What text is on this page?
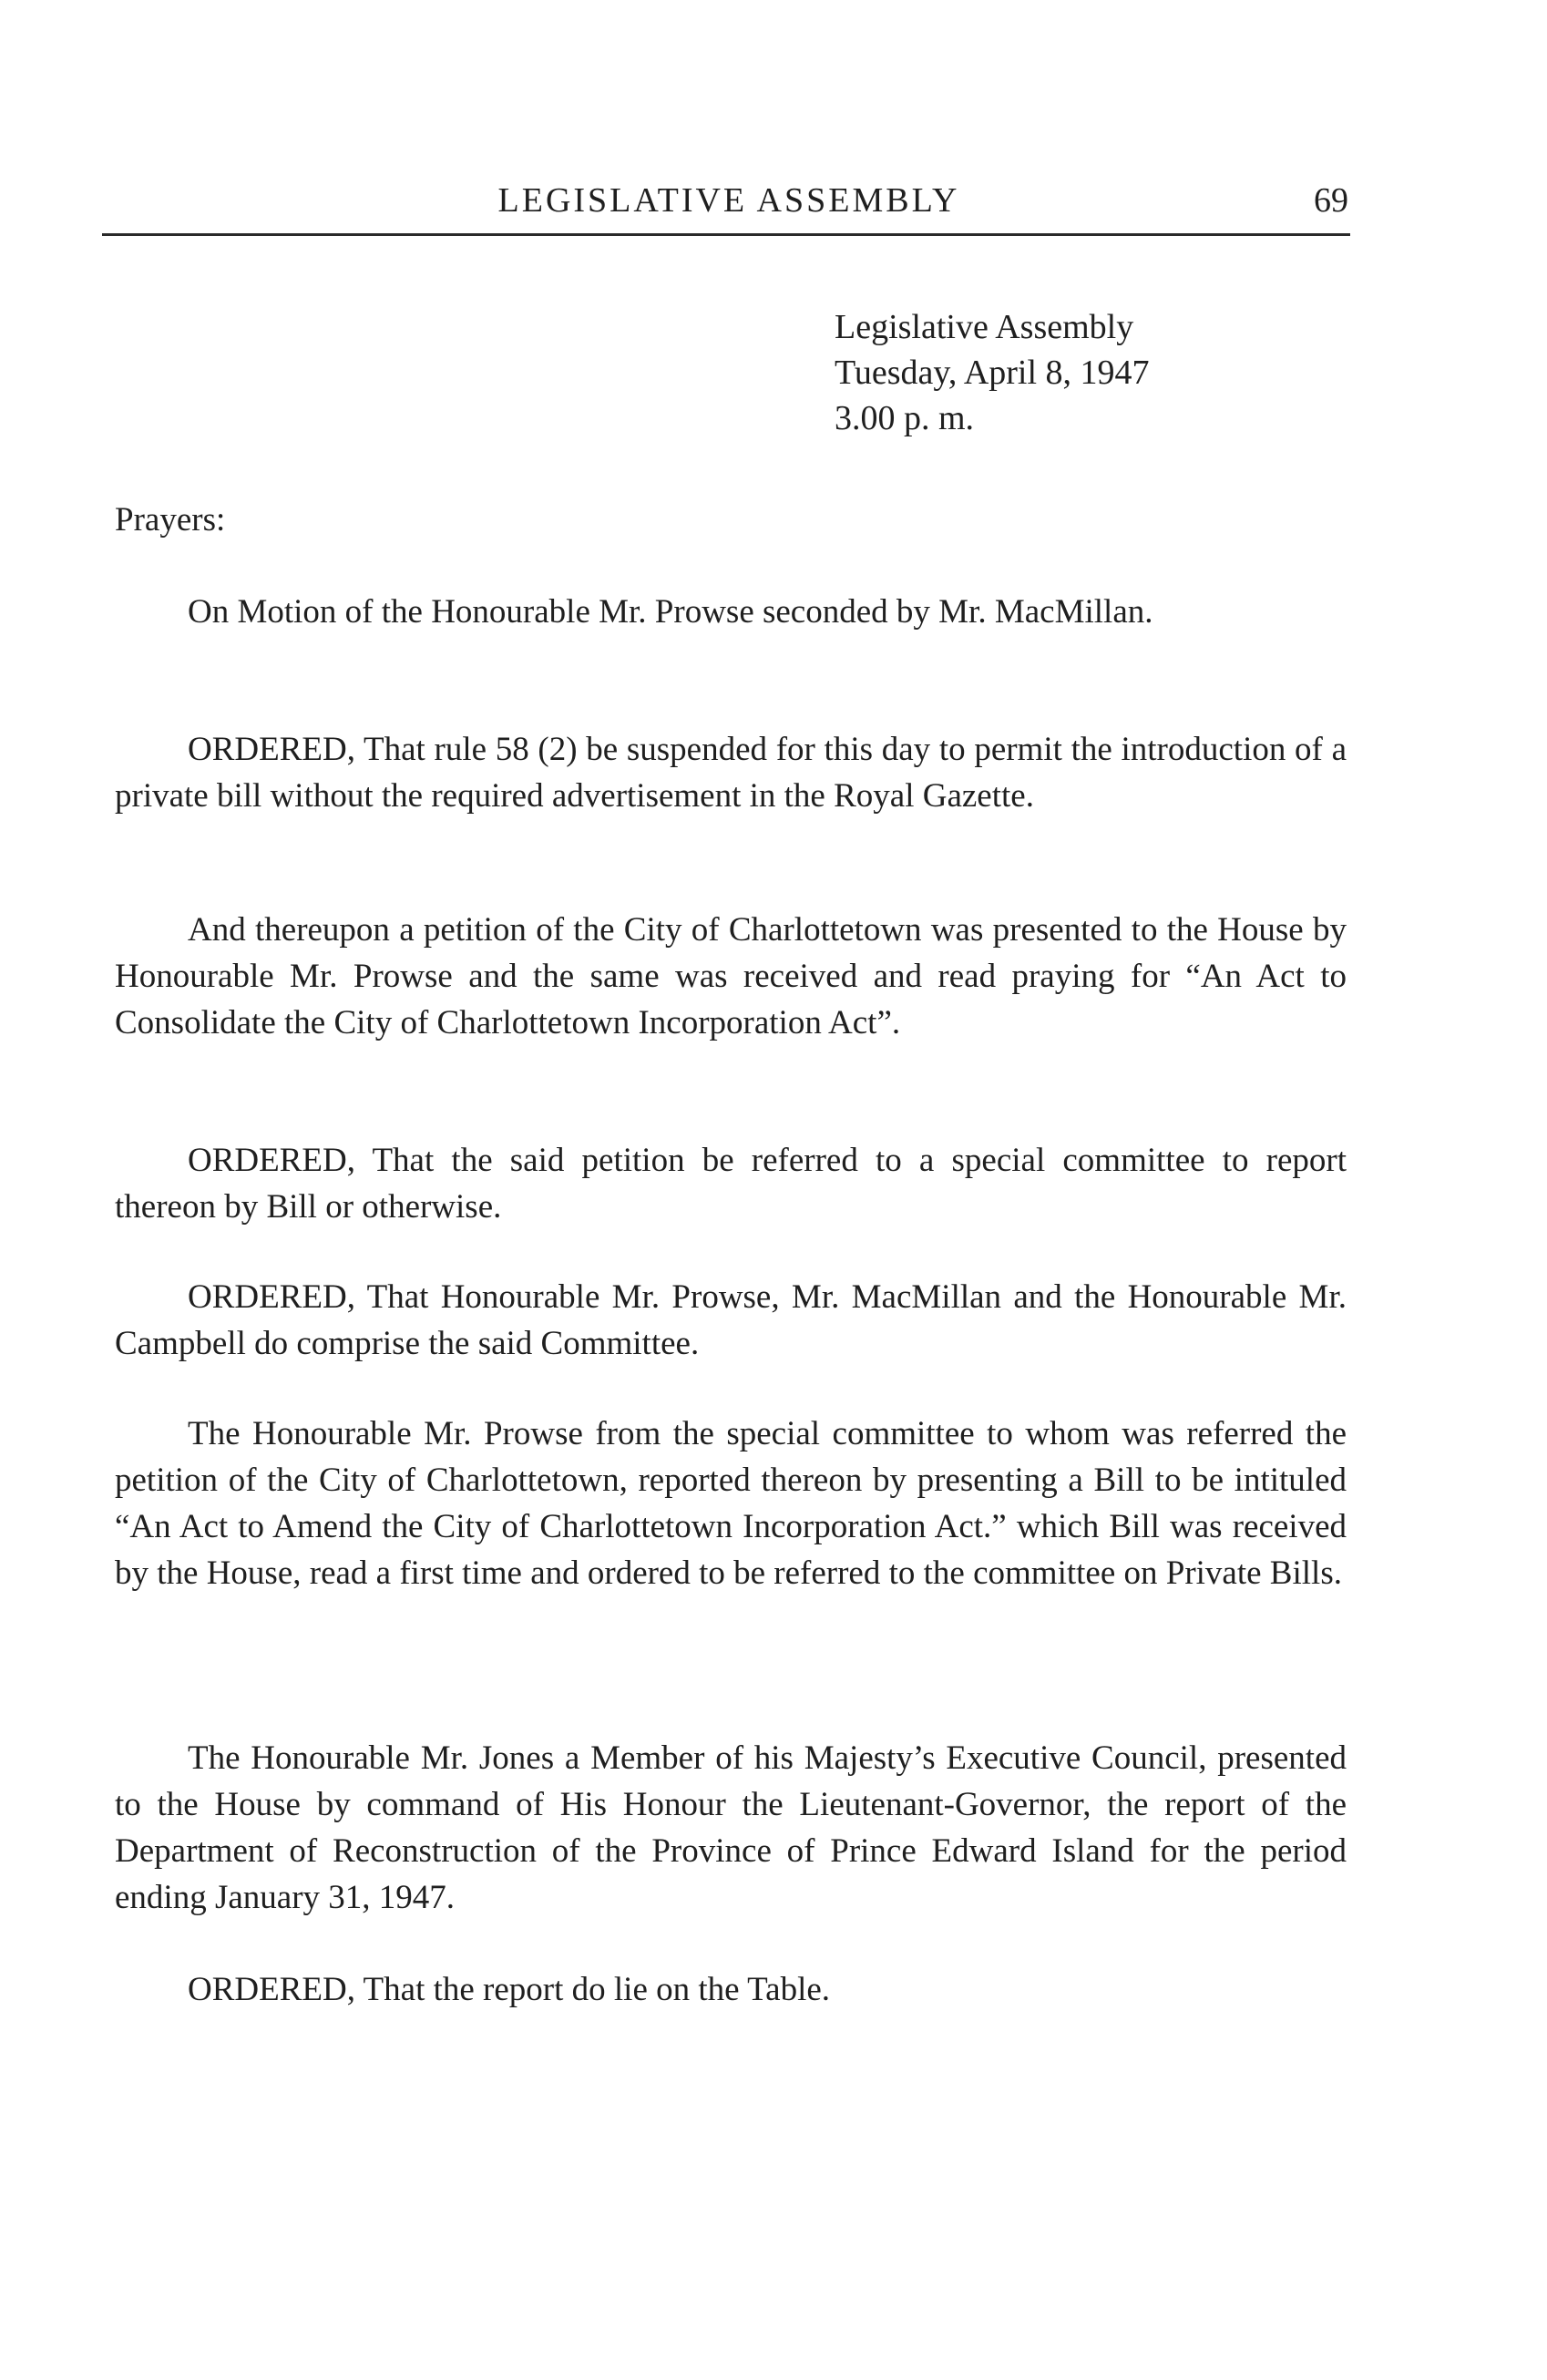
LEGISLATIVE ASSEMBLY	69
Legislative Assembly
Tuesday, April 8, 1947
3.00 p. m.

Prayers:

On Motion of the Honourable Mr. Prowse seconded by Mr. MacMillan.

ORDERED, That rule 58 (2) be suspended for this day to permit the introduction of a private bill without the required advertisement in the Royal Gazette.

And thereupon a petition of the City of Charlottetown was presented to the House by Honourable Mr. Prowse and the same was received and read praying for “An Act to Consolidate the City of Charlottetown Incorporation Act”.

ORDERED, That the said petition be referred to a special committee to report thereon by Bill or otherwise.

ORDERED, That Honourable Mr. Prowse, Mr. MacMillan and the Honourable Mr. Campbell do comprise the said Committee.

The Honourable Mr. Prowse from the special committee to whom was referred the petition of the City of Charlottetown, reported thereon by presenting a Bill to be intituled “An Act to Amend the City of Charlottetown Incorporation Act.” which Bill was received by the House, read a first time and ordered to be referred to the committee on Private Bills.

The Honourable Mr. Jones a Member of his Majesty’s Executive Council, presented to the House by command of His Honour the Lieutenant-Governor, the report of the Department of Reconstruction of the Province of Prince Edward Island for the period ending January 31, 1947.

ORDERED, That the report do lie on the Table.
